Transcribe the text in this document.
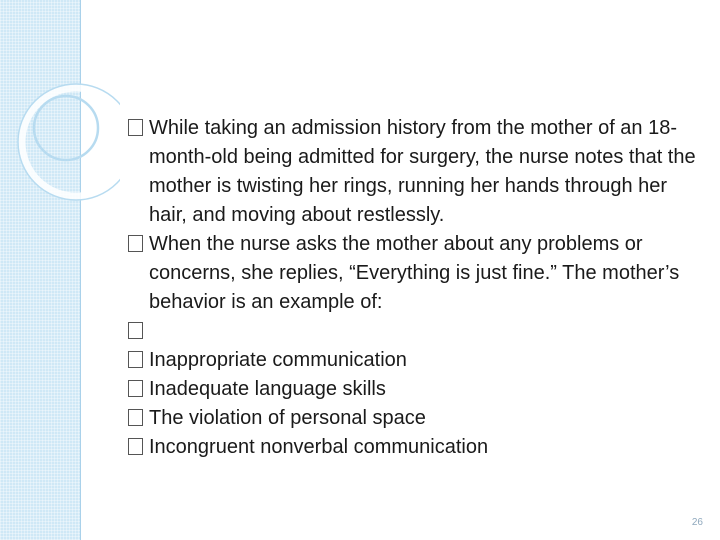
While taking an admission history from the mother of an 18-month-old being admitted for surgery, the nurse notes that the mother is twisting her rings, running her hands through her hair, and moving about restlessly.
When the nurse asks the mother about any problems or concerns, she replies, “Everything is just fine.” The mother’s behavior is an example of:

Inappropriate communication
Inadequate language skills
The violation of personal space
Incongruent nonverbal communication
26
